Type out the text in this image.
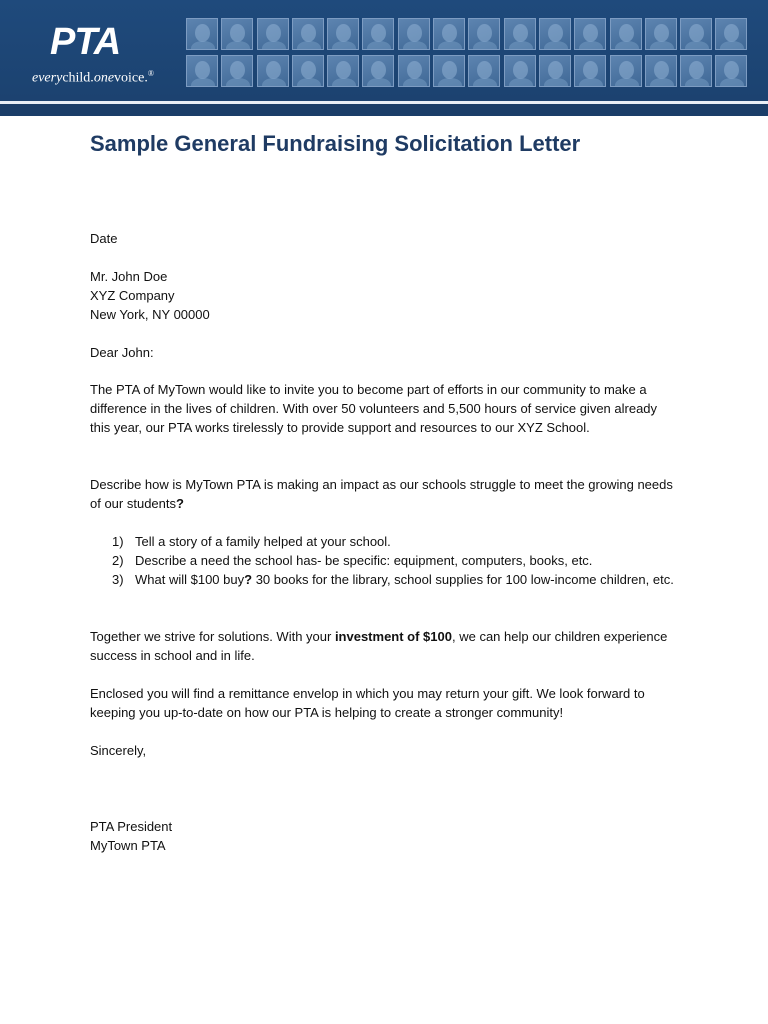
PTA
everychild.onevoice.®
Sample General Fundraising Solicitation Letter
Date

Mr. John Doe

XYZ Company

New York, NY 00000

Dear John:
The PTA of MyTown would like to invite you to become part of efforts in our community to make a difference in the lives of children. With over 50 volunteers and 5,500 hours of service given already this year, our PTA works tirelessly to provide support and resources to our XYZ School.
Describe how is MyTown PTA is making an impact as our schools struggle to meet the growing needs of our students?
1) Tell a story of a family helped at your school.
2) Describe a need the school has- be specific: equipment, computers, books, etc.
3) What will $100 buy? 30 books for the library, school supplies for 100 low-income children, etc.
Together we strive for solutions. With your investment of $100, we can help our children experience success in school and in life.
Enclosed you will find a remittance envelop in which you may return your gift. We look forward to keeping you up-to-date on how our PTA is helping to create a stronger community!
Sincerely,

PTA President

MyTown PTA
